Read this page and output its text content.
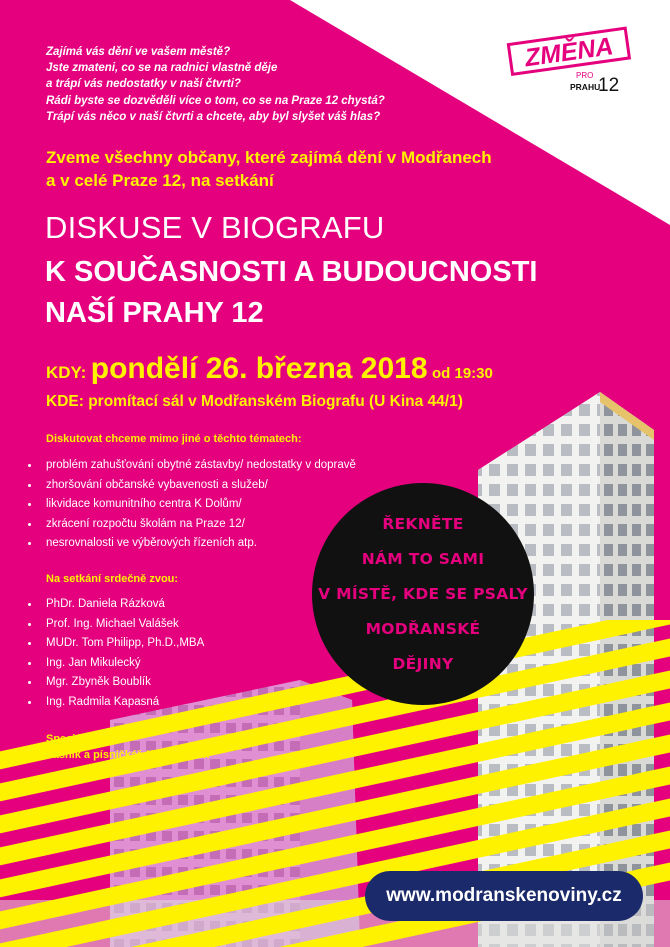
ZMĚNA
PRO
PRAHU
12
Zajímá vás dění ve vašem městě?
Jste zmateni, co se na radnici vlastně děje
a trápí vás nedostatky v naší čtvrti?
Rádi byste se dozvěděli více o tom, co se na Praze 12 chystá?
Trápí vás něco v naší čtvrti a chcete, aby byl slyšet váš hlas?
Zveme všechny občany, které zajímá dění v Modřanech
a v celé Praze 12, na setkání
DISKUSE V BIOGRAFU
K SOUČASNOSTI A BUDOUCNOSTI
NAŠÍ PRAHY 12
KDY: pondělí 26. března 2018 od 19:30
KDE: promítací sál v Modřanském Biografu (U Kina 44/1)
Diskutovat chceme mimo jiné o těchto tématech:
problém zahušťování obytné zástavby/ nedostatky v dopravě
zhoršování občanské vybavenosti a služeb/
likvidace komunitního centra K Dolům/
zkrácení rozpočtu školám na Praze 12/
nesrovnalosti ve výběrových řízeních atp.
Na setkání srdečně zvou:
PhDr. Daniela Rázková
Prof. Ing. Michael Valášek
MUDr. Tom Philipp, Ph.D.,MBA
Ing. Jan Mikulecký
Mgr. Zbyněk Boublík
Ing. Radmila Kapasná
Speciální host:
básník a písničkář Jiří Dědeček
ŘEKNĚTE
NÁM TO SAMI
V MÍSTĚ, KDE SE PSALY
MODŘANSKÉ
DĚJINY
www.modranskenoviny.cz
